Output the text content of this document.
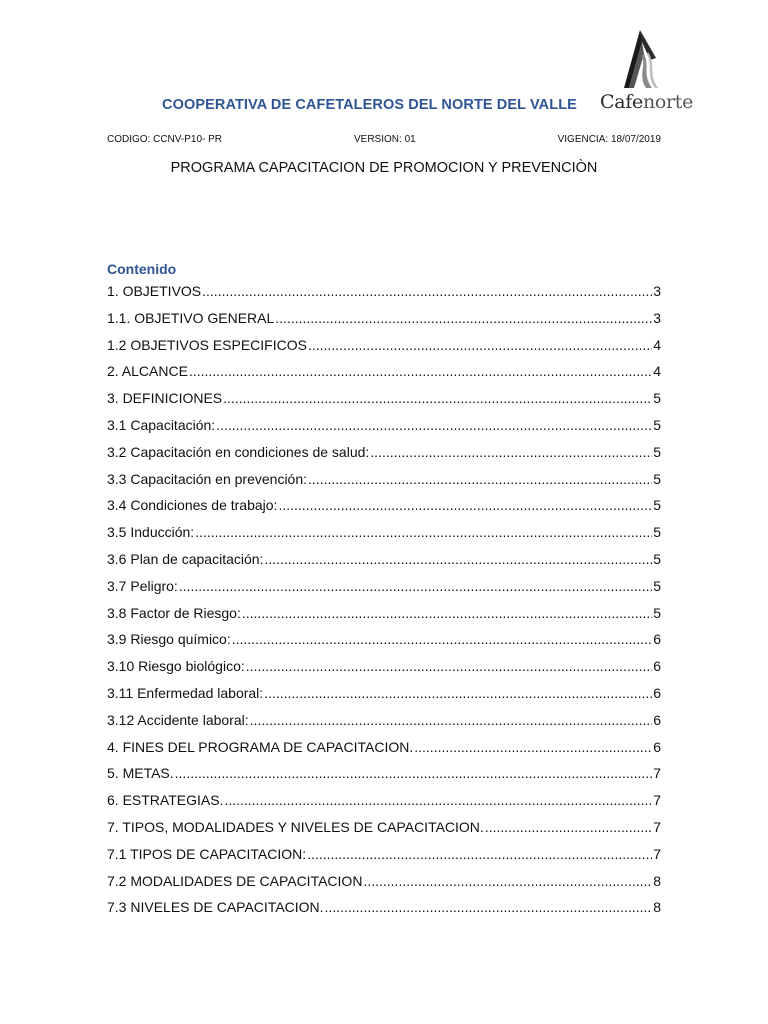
COOPERATIVA DE CAFETALEROS DEL NORTE DEL VALLE Cafenorte
CODIGO: CCNV-P10- PR	VERSION: 01	VIGENCIA: 18/07/2019
PROGRAMA CAPACITACION DE PROMOCION Y PREVENCIÒN
Contenido
1. OBJETIVOS .....	3
1.1. OBJETIVO GENERAL .....	3
1.2 OBJETIVOS ESPECIFICOS .....	4
2. ALCANCE .....	4
3. DEFINICIONES .....	5
3.1 Capacitación: .....	5
3.2 Capacitación en condiciones de salud: .....	5
3.3 Capacitación en prevención: .....	5
3.4 Condiciones de trabajo: .....	5
3.5 Inducción: .....	5
3.6 Plan de capacitación: .....	5
3.7 Peligro: .....	5
3.8 Factor de Riesgo: .....	5
3.9 Riesgo químico: .....	6
3.10 Riesgo biológico: .....	6
3.11 Enfermedad laboral: .....	6
3.12 Accidente laboral: .....	6
4. FINES DEL PROGRAMA DE CAPACITACION. .....	6
5. METAS. .....	7
6. ESTRATEGIAS. .....	7
7. TIPOS, MODALIDADES Y NIVELES DE CAPACITACION. .....	7
7.1 TIPOS DE CAPACITACION: .....	7
7.2 MODALIDADES DE CAPACITACION .....	8
7.3 NIVELES DE CAPACITACION. .....	8
